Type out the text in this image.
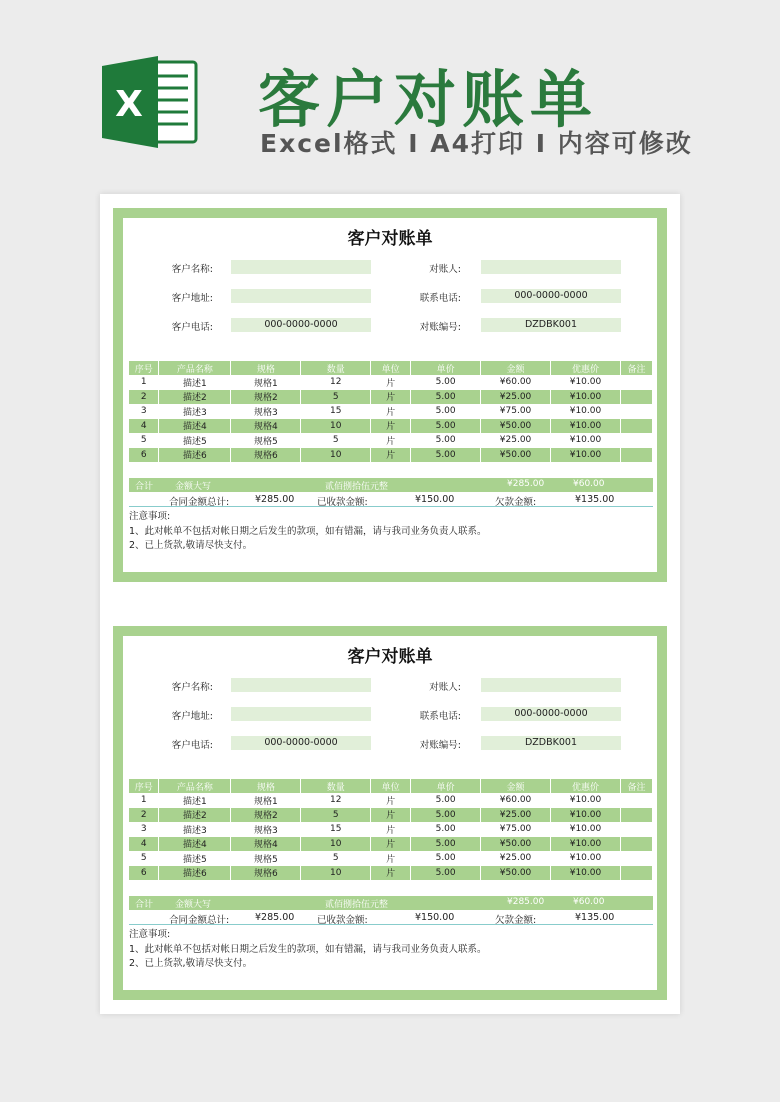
X 客户对账单
Excel格式 I A4打印 I 内容可修改
客户对账单
客户名称:	对账人:
客户地址:	联系电话:	000-0000-0000
客户电话:	000-0000-0000	对账编号:	DZDBK001
序号	产品名称	规格	数量	单位	单价	金额	优惠价	备注
1	描述1	规格1	12	片	5.00	¥60.00	¥10.00	
2	描述2	规格2	5	片	5.00	¥25.00	¥10.00	
3	描述3	规格3	15	片	5.00	¥75.00	¥10.00	
4	描述4	规格4	10	片	5.00	¥50.00	¥10.00	
5	描述5	规格5	5	片	5.00	¥25.00	¥10.00	
6	描述6	规格6	10	片	5.00	¥50.00	¥10.00	
合计 金额大写	贰佰捌拾伍元整	¥285.00	¥60.00
合同金额总计:	¥285.00 已收款金额:	¥150.00	欠款金额:	¥135.00
注意事项:
1、此对帐单不包括对帐日期之后发生的款项，如有错漏，请与我司业务负责人联系。
2、已上货款,敬请尽快支付。
客户对账单
客户名称:	对账人:
客户地址:	联系电话:	000-0000-0000
客户电话:	000-0000-0000	对账编号:	DZDBK001
序号	产品名称	规格	数量	单位	单价	金额	优惠价	备注
1	描述1	规格1	12	片	5.00	¥60.00	¥10.00	
2	描述2	规格2	5	片	5.00	¥25.00	¥10.00	
3	描述3	规格3	15	片	5.00	¥75.00	¥10.00	
4	描述4	规格4	10	片	5.00	¥50.00	¥10.00	
5	描述5	规格5	5	片	5.00	¥25.00	¥10.00	
6	描述6	规格6	10	片	5.00	¥50.00	¥10.00	
合计 金额大写	贰佰捌拾伍元整	¥285.00	¥60.00
合同金额总计:	¥285.00 已收款金额:	¥150.00	欠款金额:	¥135.00
注意事项:
1、此对帐单不包括对帐日期之后发生的款项，如有错漏，请与我司业务负责人联系。
2、已上货款,敬请尽快支付。
